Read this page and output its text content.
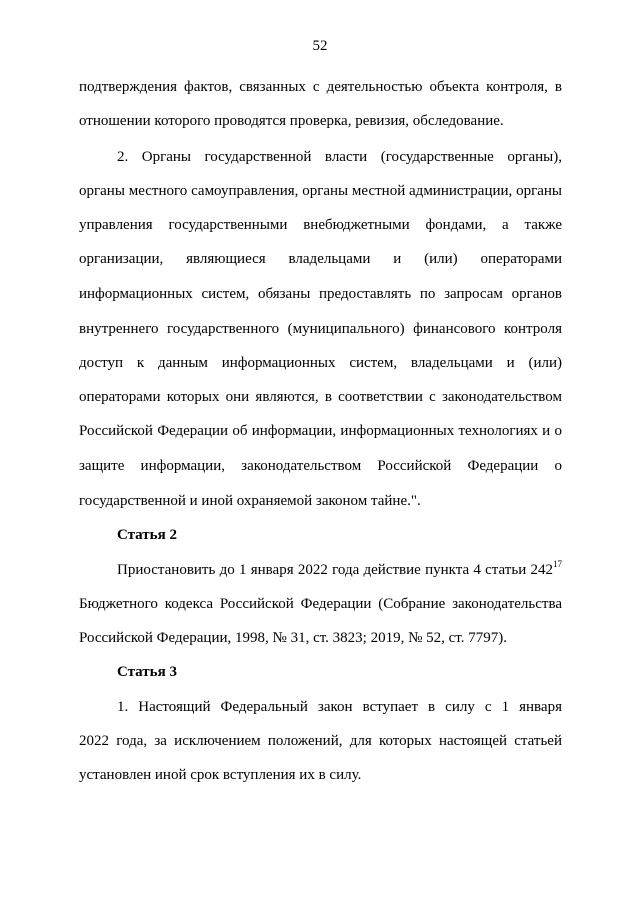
52
подтверждения фактов, связанных с деятельностью объекта контроля, в
отношении которого проводятся проверка, ревизия, обследование.
2. Органы государственной власти (государственные органы),
органы местного самоуправления, органы местной администрации, органы
управления государственными внебюджетными фондами, а также
организации, являющиеся владельцами и (или) операторами
информационных систем, обязаны предоставлять по запросам органов
внутреннего государственного (муниципального) финансового контроля
доступ к данным информационных систем, владельцами и (или)
операторами которых они являются, в соответствии с законодательством
Российской Федерации об информации, информационных технологиях и о
защите информации, законодательством Российской Федерации о
государственной и иной охраняемой законом тайне.".
Статья 2
Приостановить до 1 января 2022 года действие пункта 4 статьи $242^{17}$
Бюджетного кодекса Российской Федерации (Собрание законодательства
Российской Федерации, 1998, № 31, ст. 3823; 2019, № 52, ст. 7797).
Статья 3
1. Настоящий Федеральный закон вступает в силу с 1 января
2022 года, за исключением положений, для которых настоящей статьей
установлен иной срок вступления их в силу.
